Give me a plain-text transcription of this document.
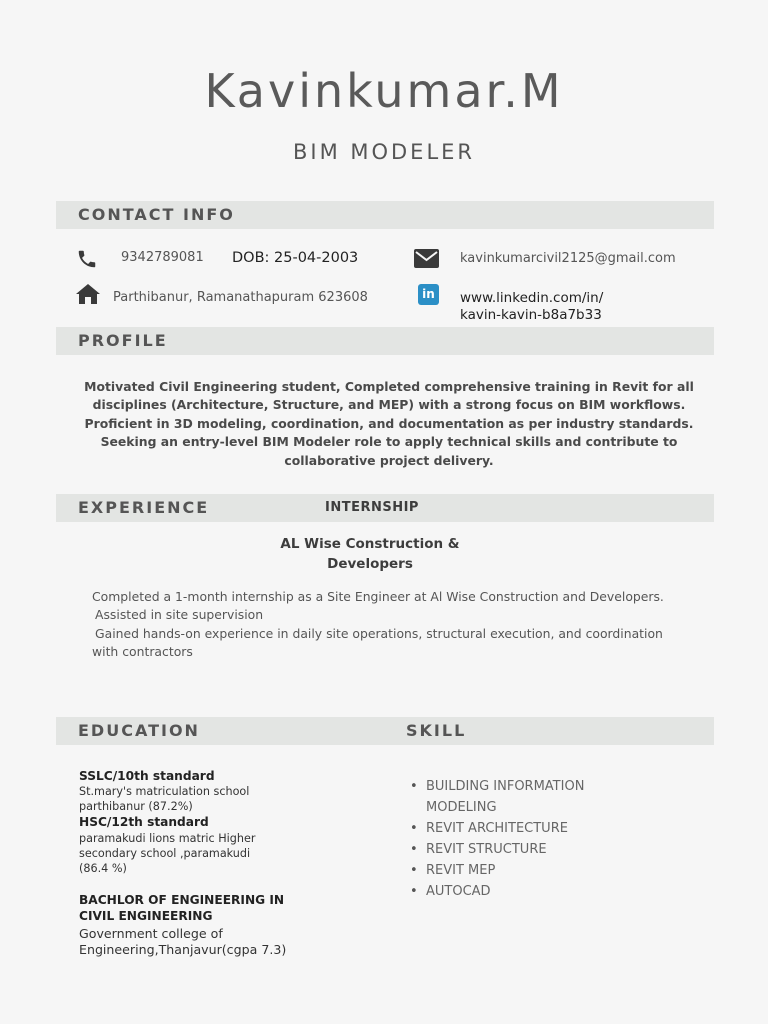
Kavinkumar.M
BIM MODELER
CONTACT INFO
9342789081 DOB: 25-04-2003	kavinkumarcivil2125@gmail.com
Parthibanur, Ramanathapuram 623608	in	www.linkedin.com/in/
kavin-kavin-b8a7b33
PROFILE
Motivated Civil Engineering student, Completed comprehensive training in Revit for all
disciplines (Architecture, Structure, and MEP) with a strong focus on BIM workflows.
Proficient in 3D modeling, coordination, and documentation as per industry standards.
Seeking an entry-level BIM Modeler role to apply technical skills and contribute to
collaborative project delivery.
EXPERIENCE	INTERNSHIP
AL Wise Construction &
Developers
Completed a 1-month internship as a Site Engineer at Al Wise Construction and Developers.
Assisted in site supervision
Gained hands-on experience in daily site operations, structural execution, and coordination
with contractors
EDUCATION	SKILL
SSLC/10th standard
St.mary's matriculation school
parthibanur (87.2%)
HSC/12th standard
paramakudi lions matric Higher
secondary school ,paramakudi
(86.4 %)
BACHLOR OF ENGINEERING IN
CIVIL ENGINEERING
Government college of
Engineering,Thanjavur(cgpa 7.3)
• BUILDING INFORMATION
MODELING
• REVIT ARCHITECTURE
• REVIT STRUCTURE
• REVIT MEP
• AUTOCAD
